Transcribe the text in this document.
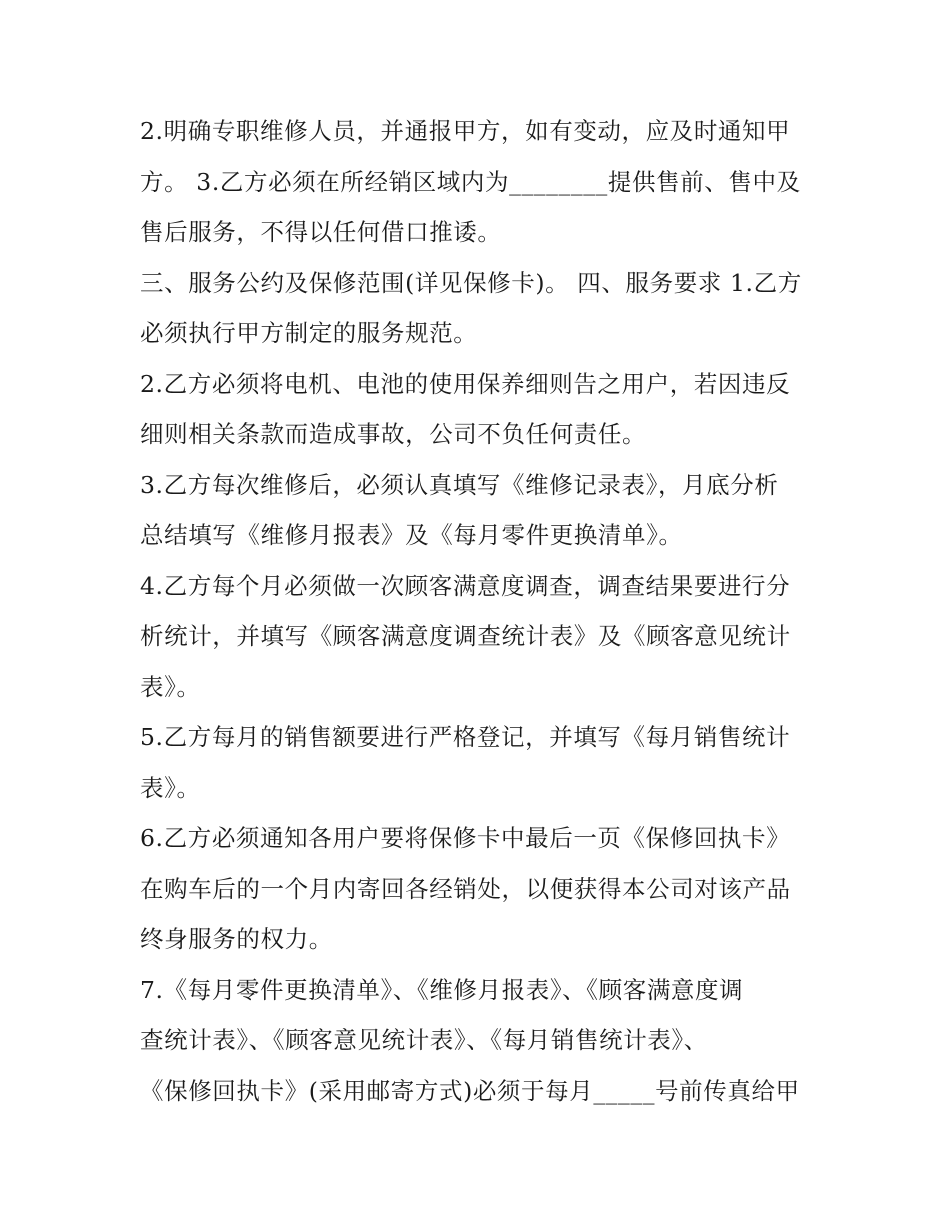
2.明确专职维修人员，并通报甲方，如有变动，应及时通知甲
方。 3.乙方必须在所经销区域内为________提供售前、售中及
售后服务，不得以任何借口推诿。
三、服务公约及保修范围(详见保修卡)。 四、服务要求 1.乙方
必须执行甲方制定的服务规范。
2.乙方必须将电机、电池的使用保养细则告之用户，若因违反
细则相关条款而造成事故，公司不负任何责任。
3.乙方每次维修后，必须认真填写《维修记录表》，月底分析
总结填写《维修月报表》及《每月零件更换清单》。
4.乙方每个月必须做一次顾客满意度调查，调查结果要进行分
析统计，并填写《顾客满意度调查统计表》及《顾客意见统计
表》。
5.乙方每月的销售额要进行严格登记，并填写《每月销售统计
表》。
6.乙方必须通知各用户要将保修卡中最后一页《保修回执卡》
在购车后的一个月内寄回各经销处，以便获得本公司对该产品
终身服务的权力。
7.《每月零件更换清单》、《维修月报表》、《顾客满意度调
查统计表》、《顾客意见统计表》、《每月销售统计表》、
《保修回执卡》(采用邮寄方式)必须于每月_____号前传真给甲
